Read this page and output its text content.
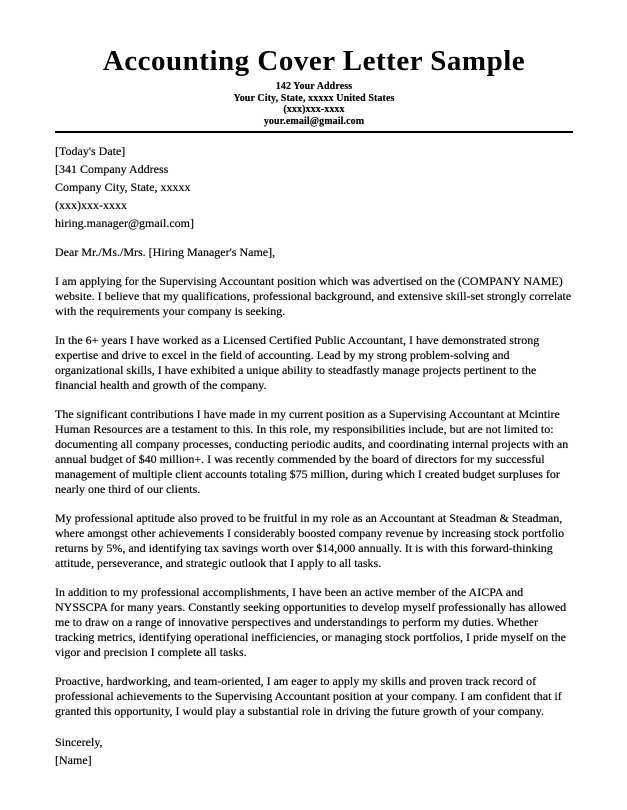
Accounting Cover Letter Sample
142 Your Address
Your City, State, xxxxx United States
(xxx)xxx-xxxx
your.email@gmail.com
[Today's Date]
[341 Company Address
Company City, State, xxxxx
(xxx)xxx-xxxx
hiring.manager@gmail.com]

Dear Mr./Ms./Mrs. [Hiring Manager's Name],

I am applying for the Supervising Accountant position which was advertised on the (COMPANY NAME) website. I believe that my qualifications, professional background, and extensive skill-set strongly correlate with the requirements your company is seeking.

In the 6+ years I have worked as a Licensed Certified Public Accountant, I have demonstrated strong expertise and drive to excel in the field of accounting. Lead by my strong problem-solving and organizational skills, I have exhibited a unique ability to steadfastly manage projects pertinent to the financial health and growth of the company.

The significant contributions I have made in my current position as a Supervising Accountant at Mcintire Human Resources are a testament to this. In this role, my responsibilities include, but are not limited to: documenting all company processes, conducting periodic audits, and coordinating internal projects with an annual budget of $40 million+. I was recently commended by the board of directors for my successful management of multiple client accounts totaling $75 million, during which I created budget surpluses for nearly one third of our clients.

My professional aptitude also proved to be fruitful in my role as an Accountant at Steadman & Steadman, where amongst other achievements I considerably boosted company revenue by increasing stock portfolio returns by 5%, and identifying tax savings worth over $14,000 annually. It is with this forward-thinking attitude, perseverance, and strategic outlook that I apply to all tasks.

In addition to my professional accomplishments, I have been an active member of the AICPA and NYSSCPA for many years. Constantly seeking opportunities to develop myself professionally has allowed me to draw on a range of innovative perspectives and understandings to perform my duties. Whether tracking metrics, identifying operational inefficiencies, or managing stock portfolios, I pride myself on the vigor and precision I complete all tasks.

Proactive, hardworking, and team-oriented, I am eager to apply my skills and proven track record of professional achievements to the Supervising Accountant position at your company. I am confident that if granted this opportunity, I would play a substantial role in driving the future growth of your company.

Sincerely,
[Name]
